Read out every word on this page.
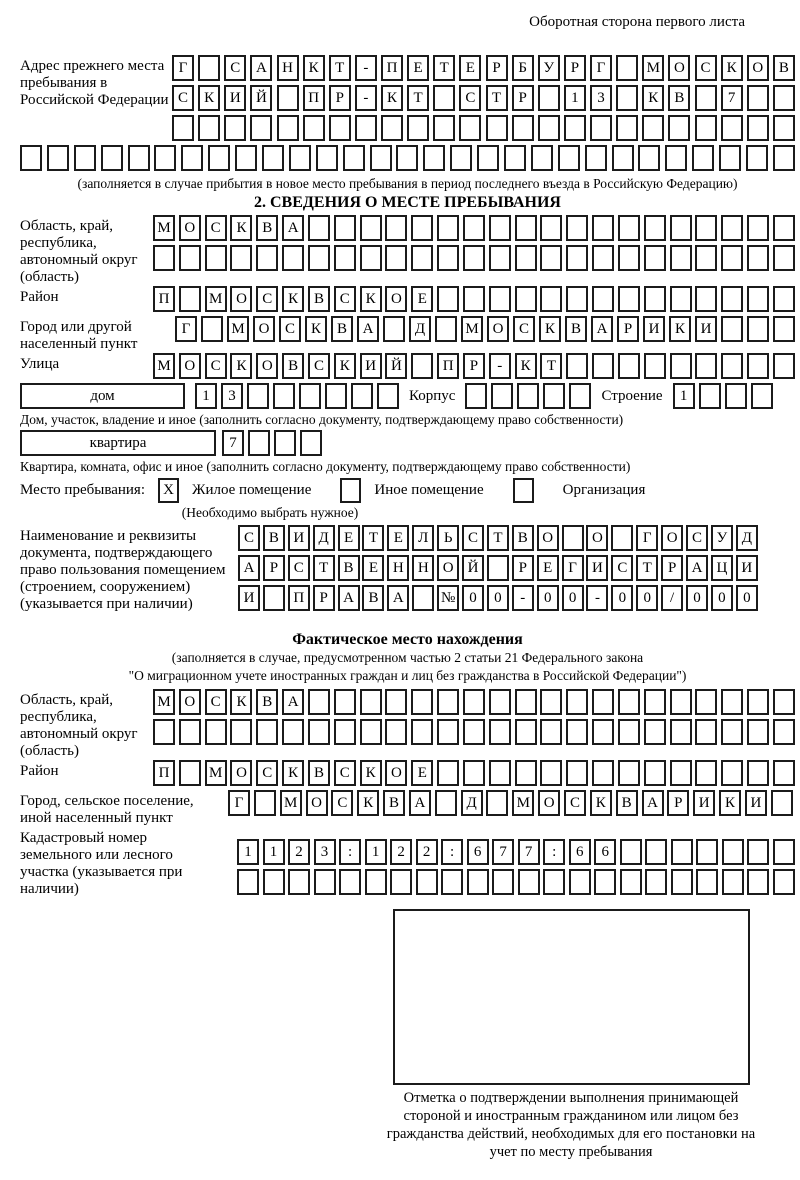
Оборотная сторона первого листа
Адрес прежнего места пребывания в Российской Федерации
Г	С	А	Н	К	Т	-	П	Е	Т	Е	Р	Б	У	Р	Г	М О	С	К	О	В
С	К	И	Й	П	Р	-	К	Т	С	Т	Р	1	3	К	В	7
(заполняется в случае прибытия в новое место пребывания в период последнего въезда в Российскую Федерацию)
2. СВЕДЕНИЯ О МЕСТЕ ПРЕБЫВАНИЯ
Область, край, республика, автономный округ (область)
М О	С	К	В	А
Район	П	М О	С	К	В	С	К	О	Е
Город или другой населенный пункт
Г	М О	С	К	В	А	Д	М О	С	К	В	А	Р	И	К	И
Улица	М О	С	К	О	В	С	К	И Й	П	Р	-	К	Т
дом	1	3	Корпус	Строение	1
Дом, участок, владение и иное (заполнить согласно документу, подтверждающему право собственности)
квартира	7
Квартира, комната, офис и иное (заполнить согласно документу, подтверждающему право собственности)
Место пребывания:	X	Жилое помещение	Иное помещение	Организация
(Необходимо выбрать нужное)
Наименование и реквизиты документа, подтверждающего право пользования помещением (строением, сооружением) (указывается при наличии)
С В И Д	Е	Т	Е	Л	Ь	С	Т	В О	О	Г	О С У Д
А	Р	С	Т	В	Е Н Н О Й	Р	Е	Г	И С	Т	Р	А Ц И
И	П	Р	А В А	№ 0	0	-	0	0	-	0	0	/	0	0	0
Фактическое место нахождения
(заполняется в случае, предусмотренном частью 2 статьи 21 Федерального закона
"О миграционном учете иностранных граждан и лиц без гражданства в Российской Федерации")
Область, край, республика, автономный округ (область)
М О	С	К	В	А
Район	П	М О	С	К	В	С	К	О	Е
Город, сельское поселение, иной населенный пункт
Г	М О	С	К	В	А	Д	М О	С	К	В	А	Р	И	К	И
Кадастровый номер земельного или лесного участка (указывается при наличии)
1	1	2	3	:	1	2	2	:	6	7	7	:	6	6
Отметка о подтверждении выполнения принимающей стороной и иностранным гражданином или лицом без гражданства действий, необходимых для его постановки на учет по месту пребывания
